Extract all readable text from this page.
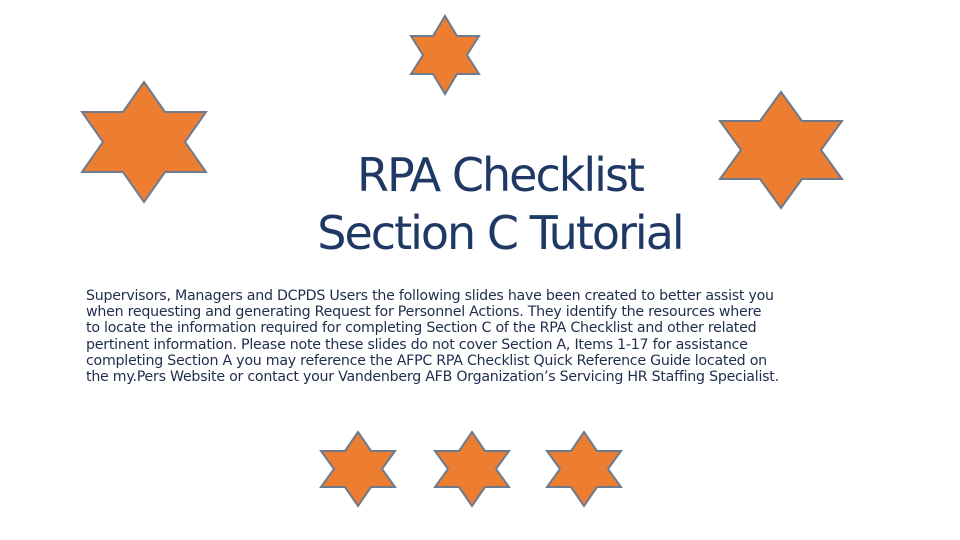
RPA Checklist
Section C Tutorial

Supervisors, Managers and DCPDS Users the following slides have been created to better assist you
when requesting and generating Request for Personnel Actions. They identify the resources where
to locate the information required for completing Section C of the RPA Checklist and other related
pertinent information. Please note these slides do not cover Section A, Items 1-17 for assistance
completing Section A you may reference the AFPC RPA Checklist Quick Reference Guide located on
the my.Pers Website or contact your Vandenberg AFB Organization’s Servicing HR Staffing Specialist.
